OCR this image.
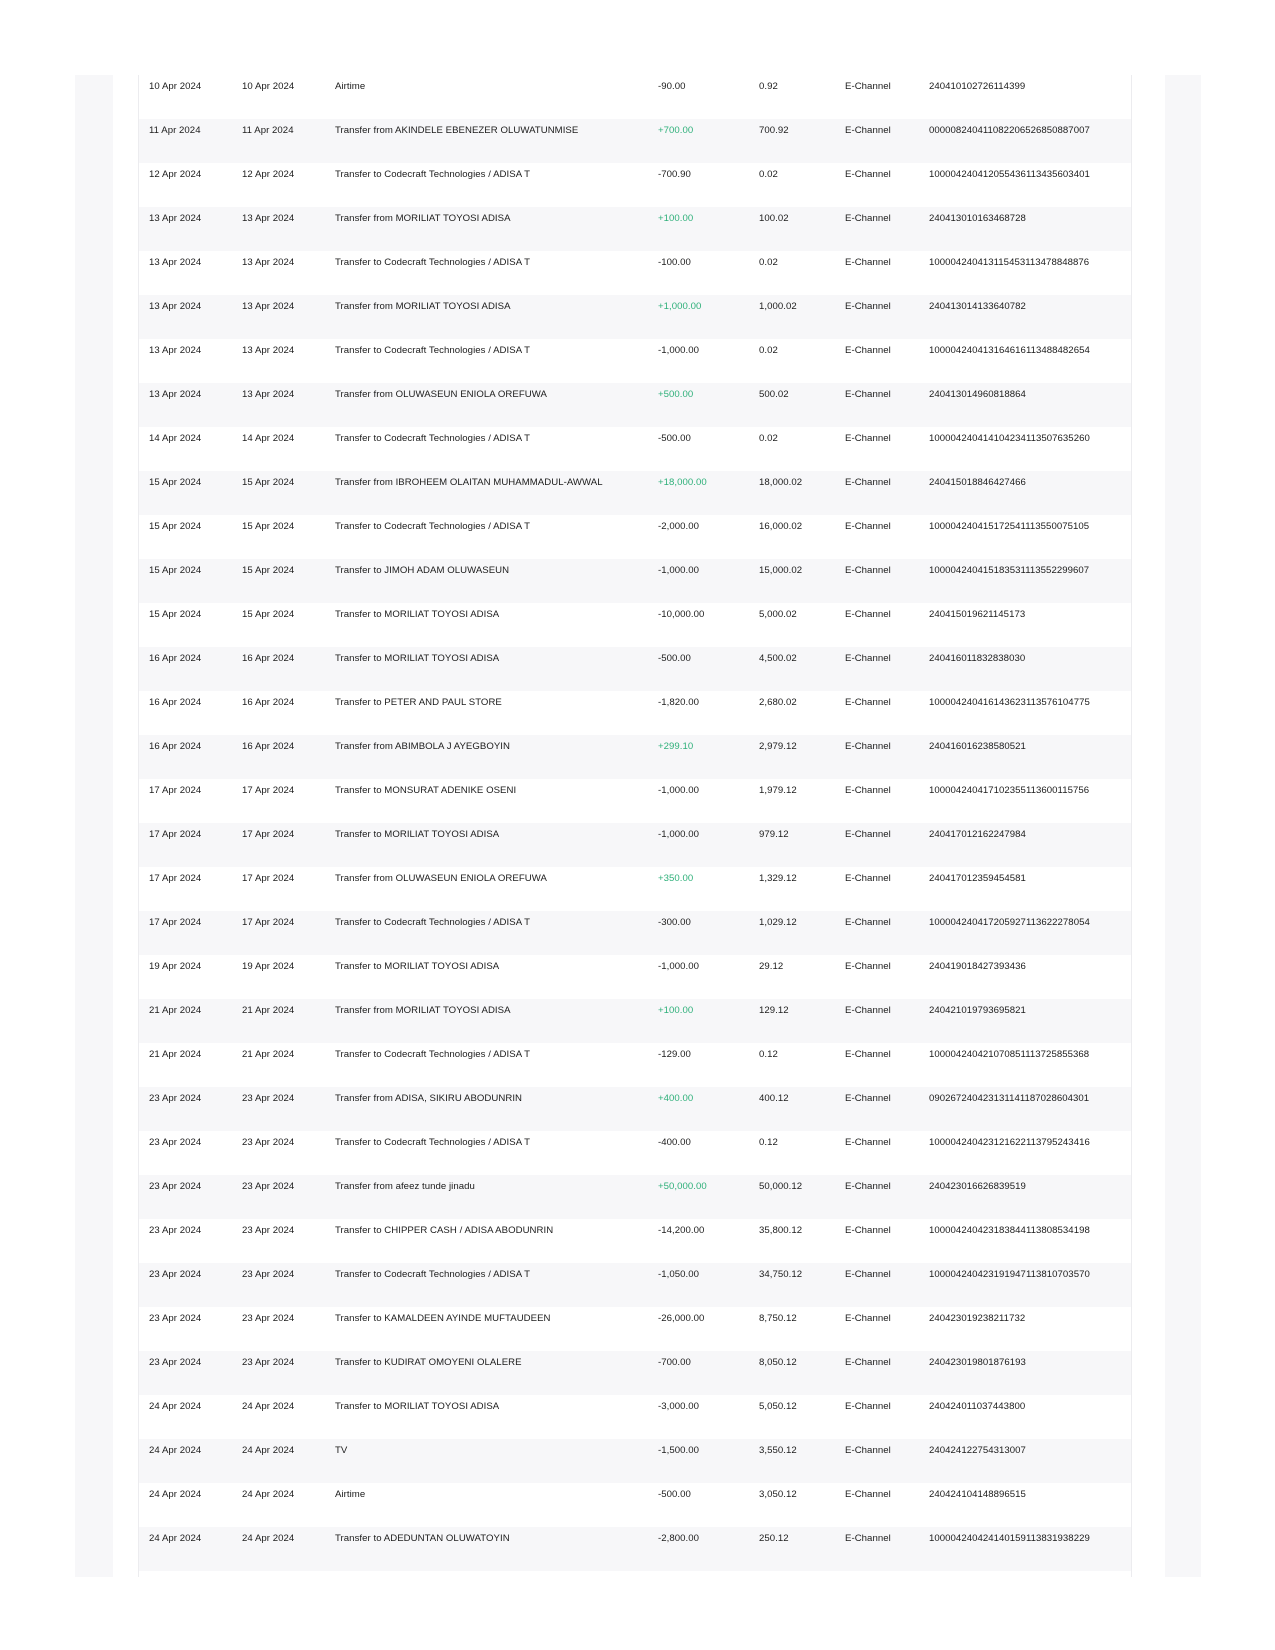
10 Apr 2024	10 Apr 2024	Airtime	-90.00	0.92	E-Channel	240410102726114399
11 Apr 2024	11 Apr 2024	Transfer from AKINDELE EBENEZER OLUWATUNMISE	+700.00	700.92	E-Channel	000008240411082206526850887007
12 Apr 2024	12 Apr 2024	Transfer to Codecraft Technologies / ADISA T	-700.90	0.02	E-Channel	100004240412055436113435603401
13 Apr 2024	13 Apr 2024	Transfer from MORILIAT TOYOSI ADISA	+100.00	100.02	E-Channel	240413010163468728
13 Apr 2024	13 Apr 2024	Transfer to Codecraft Technologies / ADISA T	-100.00	0.02	E-Channel	100004240413115453113478848876
13 Apr 2024	13 Apr 2024	Transfer from MORILIAT TOYOSI ADISA	+1,000.00	1,000.02	E-Channel	240413014133640782
13 Apr 2024	13 Apr 2024	Transfer to Codecraft Technologies / ADISA T	-1,000.00	0.02	E-Channel	100004240413164616113488482654
13 Apr 2024	13 Apr 2024	Transfer from OLUWASEUN ENIOLA OREFUWA	+500.00	500.02	E-Channel	240413014960818864
14 Apr 2024	14 Apr 2024	Transfer to Codecraft Technologies / ADISA T	-500.00	0.02	E-Channel	100004240414104234113507635260
15 Apr 2024	15 Apr 2024	Transfer from IBROHEEM OLAITAN MUHAMMADUL-AWWAL	+18,000.00	18,000.02	E-Channel	240415018846427466
15 Apr 2024	15 Apr 2024	Transfer to Codecraft Technologies / ADISA T	-2,000.00	16,000.02	E-Channel	100004240415172541113550075105
15 Apr 2024	15 Apr 2024	Transfer to JIMOH ADAM OLUWASEUN	-1,000.00	15,000.02	E-Channel	100004240415183531113552299607
15 Apr 2024	15 Apr 2024	Transfer to MORILIAT TOYOSI ADISA	-10,000.00	5,000.02	E-Channel	240415019621145173
16 Apr 2024	16 Apr 2024	Transfer to MORILIAT TOYOSI ADISA	-500.00	4,500.02	E-Channel	240416011832838030
16 Apr 2024	16 Apr 2024	Transfer to PETER AND PAUL STORE	-1,820.00	2,680.02	E-Channel	100004240416143623113576104775
16 Apr 2024	16 Apr 2024	Transfer from ABIMBOLA J AYEGBOYIN	+299.10	2,979.12	E-Channel	240416016238580521
17 Apr 2024	17 Apr 2024	Transfer to MONSURAT ADENIKE OSENI	-1,000.00	1,979.12	E-Channel	100004240417102355113600115756
17 Apr 2024	17 Apr 2024	Transfer to MORILIAT TOYOSI ADISA	-1,000.00	979.12	E-Channel	240417012162247984
17 Apr 2024	17 Apr 2024	Transfer from OLUWASEUN ENIOLA OREFUWA	+350.00	1,329.12	E-Channel	240417012359454581
17 Apr 2024	17 Apr 2024	Transfer to Codecraft Technologies / ADISA T	-300.00	1,029.12	E-Channel	100004240417205927113622278054
19 Apr 2024	19 Apr 2024	Transfer to MORILIAT TOYOSI ADISA	-1,000.00	29.12	E-Channel	240419018427393436
21 Apr 2024	21 Apr 2024	Transfer from MORILIAT TOYOSI ADISA	+100.00	129.12	E-Channel	240421019793695821
21 Apr 2024	21 Apr 2024	Transfer to Codecraft Technologies / ADISA T	-129.00	0.12	E-Channel	100004240421070851113725855368
23 Apr 2024	23 Apr 2024	Transfer from ADISA, SIKIRU ABODUNRIN	+400.00	400.12	E-Channel	090267240423131141187028604301
23 Apr 2024	23 Apr 2024	Transfer to Codecraft Technologies / ADISA T	-400.00	0.12	E-Channel	100004240423121622113795243416
23 Apr 2024	23 Apr 2024	Transfer from afeez tunde jinadu	+50,000.00	50,000.12	E-Channel	240423016626839519
23 Apr 2024	23 Apr 2024	Transfer to CHIPPER CASH / ADISA ABODUNRIN	-14,200.00	35,800.12	E-Channel	100004240423183844113808534198
23 Apr 2024	23 Apr 2024	Transfer to Codecraft Technologies / ADISA T	-1,050.00	34,750.12	E-Channel	100004240423191947113810703570
23 Apr 2024	23 Apr 2024	Transfer to KAMALDEEN AYINDE MUFTAUDEEN	-26,000.00	8,750.12	E-Channel	240423019238211732
23 Apr 2024	23 Apr 2024	Transfer to KUDIRAT OMOYENI OLALERE	-700.00	8,050.12	E-Channel	240423019801876193
24 Apr 2024	24 Apr 2024	Transfer to MORILIAT TOYOSI ADISA	-3,000.00	5,050.12	E-Channel	240424011037443800
24 Apr 2024	24 Apr 2024	TV	-1,500.00	3,550.12	E-Channel	240424122754313007
24 Apr 2024	24 Apr 2024	Airtime	-500.00	3,050.12	E-Channel	240424104148896515
24 Apr 2024	24 Apr 2024	Transfer to ADEDUNTAN OLUWATOYIN	-2,800.00	250.12	E-Channel	100004240424140159113831938229
